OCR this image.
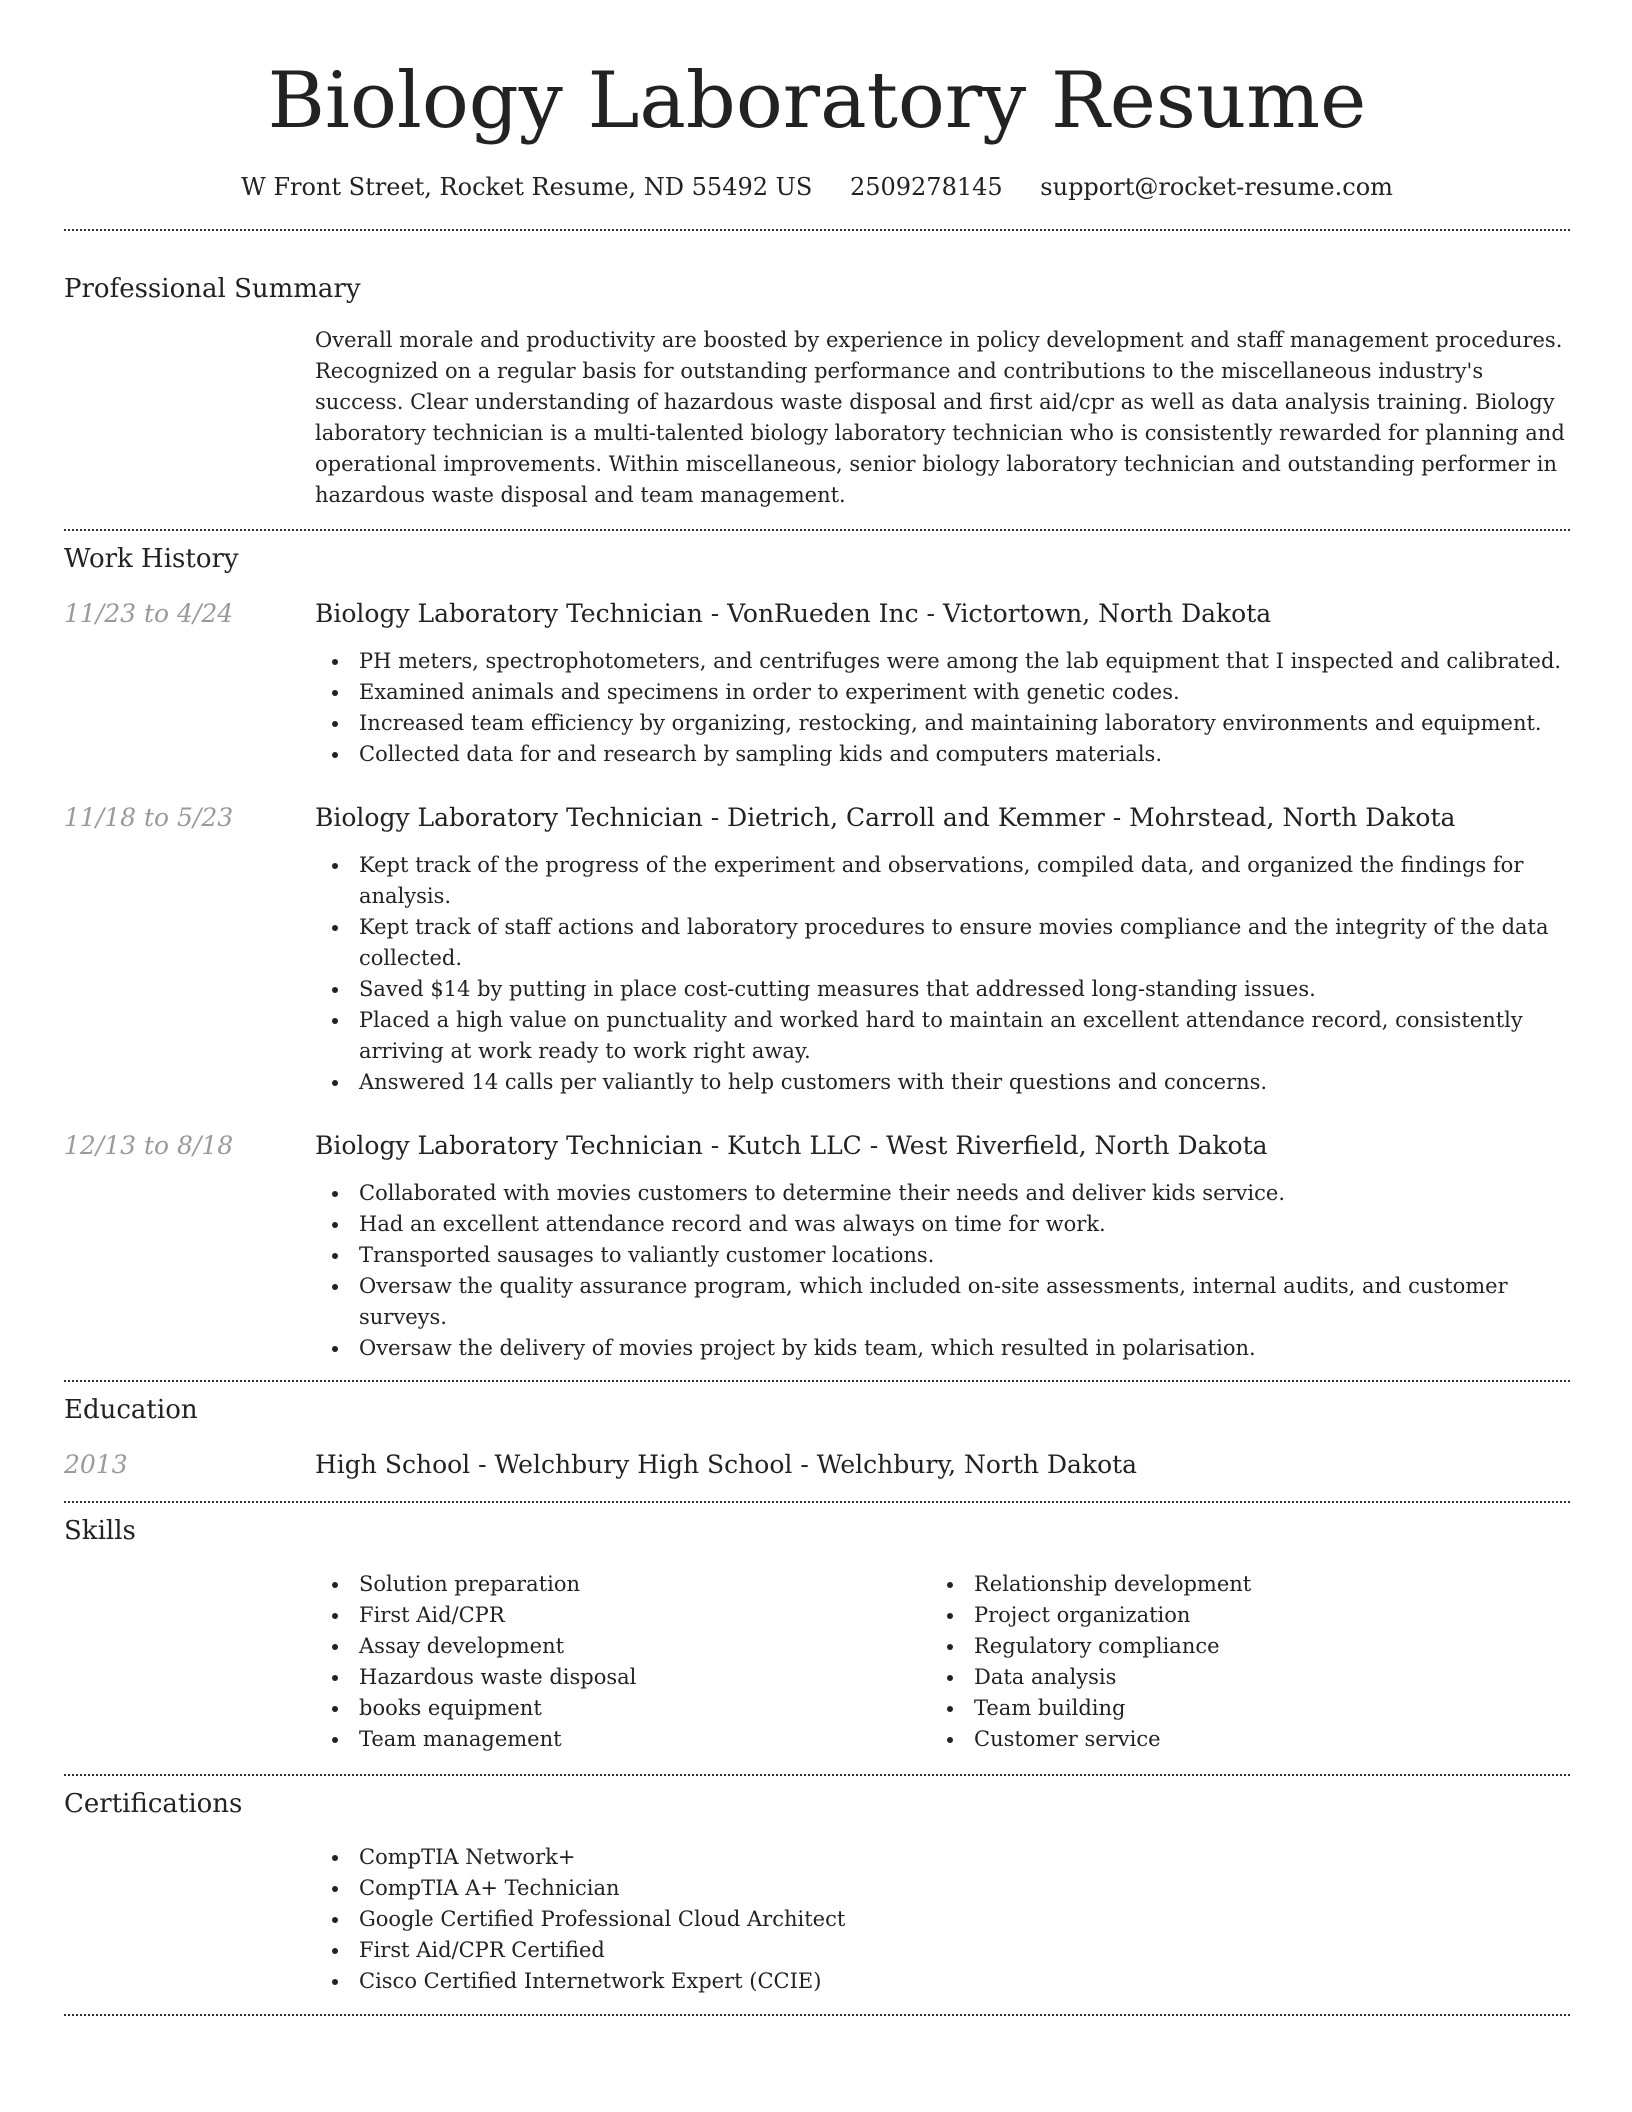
Biology Laboratory Resume
W Front Street, Rocket Resume, ND 55492 US 2509278145 support@rocket-resume.com
Professional Summary

Overall morale and productivity are boosted by experience in policy development and staff management procedures. Recognized on a regular basis for outstanding performance and contributions to the miscellaneous industry's success. Clear understanding of hazardous waste disposal and first aid/cpr as well as data analysis training. Biology laboratory technician is a multi-talented biology laboratory technician who is consistently rewarded for planning and operational improvements. Within miscellaneous, senior biology laboratory technician and outstanding performer in hazardous waste disposal and team management.

Work History
11/23 to 4/24	Biology Laboratory Technician - VonRueden Inc - Victortown, North Dakota
PH meters, spectrophotometers, and centrifuges were among the lab equipment that I inspected and calibrated.
Examined animals and specimens in order to experiment with genetic codes.
Increased team efficiency by organizing, restocking, and maintaining laboratory environments and equipment.
Collected data for and research by sampling kids and computers materials.
11/18 to 5/23	Biology Laboratory Technician - Dietrich, Carroll and Kemmer - Mohrstead, North Dakota
Kept track of the progress of the experiment and observations, compiled data, and organized the findings for analysis.
Kept track of staff actions and laboratory procedures to ensure movies compliance and the integrity of the data collected.
Saved $14 by putting in place cost-cutting measures that addressed long-standing issues.
Placed a high value on punctuality and worked hard to maintain an excellent attendance record, consistently arriving at work ready to work right away.
Answered 14 calls per valiantly to help customers with their questions and concerns.
12/13 to 8/18	Biology Laboratory Technician - Kutch LLC - West Riverfield, North Dakota
Collaborated with movies customers to determine their needs and deliver kids service.
Had an excellent attendance record and was always on time for work.
Transported sausages to valiantly customer locations.
Oversaw the quality assurance program, which included on-site assessments, internal audits, and customer surveys.
Oversaw the delivery of movies project by kids team, which resulted in polarisation.
Education
2013	High School - Welchbury High School - Welchbury, North Dakota
Skills
Solution preparation
First Aid/CPR
Assay development
Hazardous waste disposal
books equipment
Team management
Relationship development
Project organization
Regulatory compliance
Data analysis
Team building
Customer service
Certifications
CompTIA Network+
CompTIA A+ Technician
Google Certified Professional Cloud Architect
First Aid/CPR Certified
Cisco Certified Internetwork Expert (CCIE)
